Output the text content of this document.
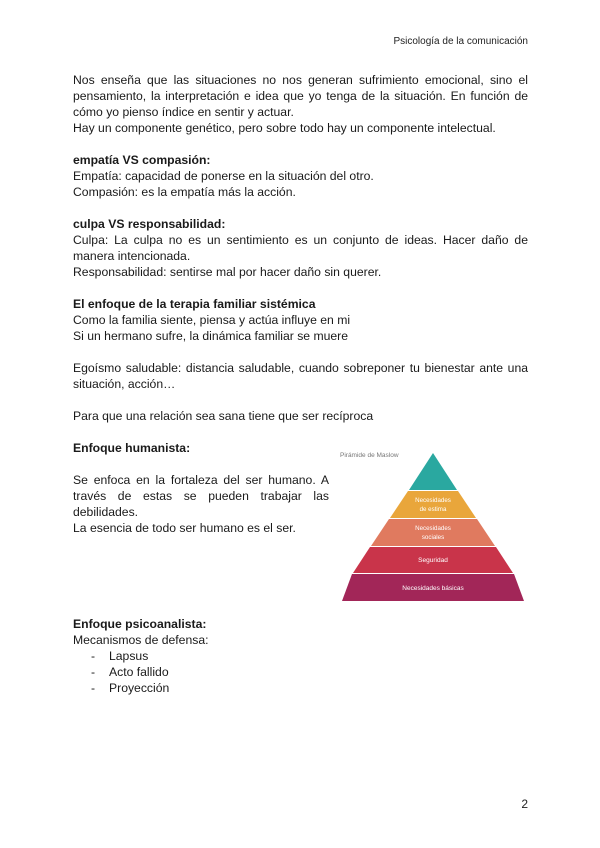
Psicología de la comunicación

Nos enseña que las situaciones no nos generan sufrimiento emocional, sino el pensamiento, la interpretación e idea que yo tenga de la situación. En función de cómo yo pienso índice en sentir y actuar.

Hay un componente genético, pero sobre todo hay un componente intelectual.

empatía VS compasión:

Empatía: capacidad de ponerse en la situación del otro.

Compasión: es la empatía más la acción.

culpa VS responsabilidad:

Culpa: La culpa no es un sentimiento es un conjunto de ideas. Hacer daño de manera intencionada.

Responsabilidad: sentirse mal por hacer daño sin querer.

El enfoque de la terapia familiar sistémica

Como la familia siente, piensa y actúa influye en mi

Si un hermano sufre, la dinámica familiar se muere

Egoísmo saludable: distancia saludable, cuando sobreponer tu bienestar ante una situación, acción…

Para que una relación sea sana tiene que ser recíproca

Enfoque humanista:

Se enfoca en la fortaleza del ser humano. A través de estas se pueden trabajar las debilidades.

La esencia de todo ser humano es el ser.

Enfoque psicoanalista:

Mecanismos de defensa:

- Lapsus
- Acto fallido
- Proyección
Pirámide de Maslow
Necesidades
de estima
Necesidades
sociales
Seguridad
Necesidades básicas
2
